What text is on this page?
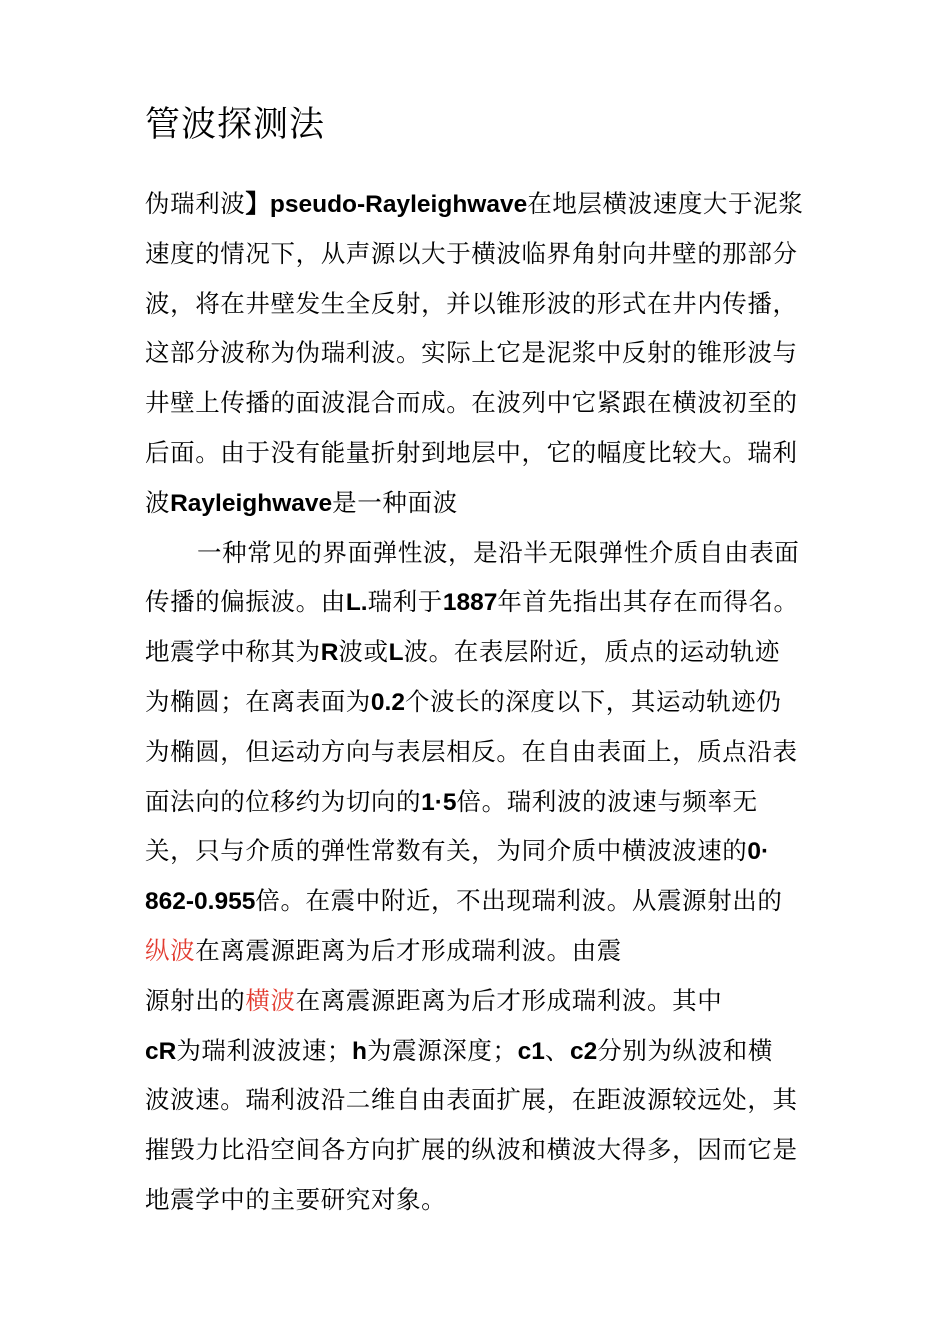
管波探测法
伪瑞利波】pseudo-Rayleighwave在地层横波速度大于泥浆
速度的情况下，从声源以大于横波临界角射向井壁的那部分
波，将在井壁发生全反射，并以锥形波的形式在井内传播，
这部分波称为伪瑞利波。实际上它是泥浆中反射的锥形波与
井壁上传播的面波混合而成。在波列中它紧跟在横波初至的
后面。由于没有能量折射到地层中，它的幅度比较大。瑞利
波Rayleighwave是一种面波
一种常见的界面弹性波，是沿半无限弹性介质自由表面
传播的偏振波。由L.瑞利于1887年首先指出其存在而得名。
地震学中称其为R波或L波。在表层附近，质点的运动轨迹
为椭圆；在离表面为0.2个波长的深度以下，其运动轨迹仍
为椭圆，但运动方向与表层相反。在自由表面上，质点沿表
面法向的位移约为切向的1·5倍。瑞利波的波速与频率无
关，只与介质的弹性常数有关，为同介质中横波波速的0·
862-0.955倍。在震中附近，不出现瑞利波。从震源射出的
纵波在离震源距离为后才形成瑞利波。由震
源射出的横波在离震源距离为后才形成瑞利波。其中
cR为瑞利波波速；h为震源深度；c1、c2分别为纵波和横
波波速。瑞利波沿二维自由表面扩展，在距波源较远处，其
摧毁力比沿空间各方向扩展的纵波和横波大得多，因而它是
地震学中的主要研究对象。
